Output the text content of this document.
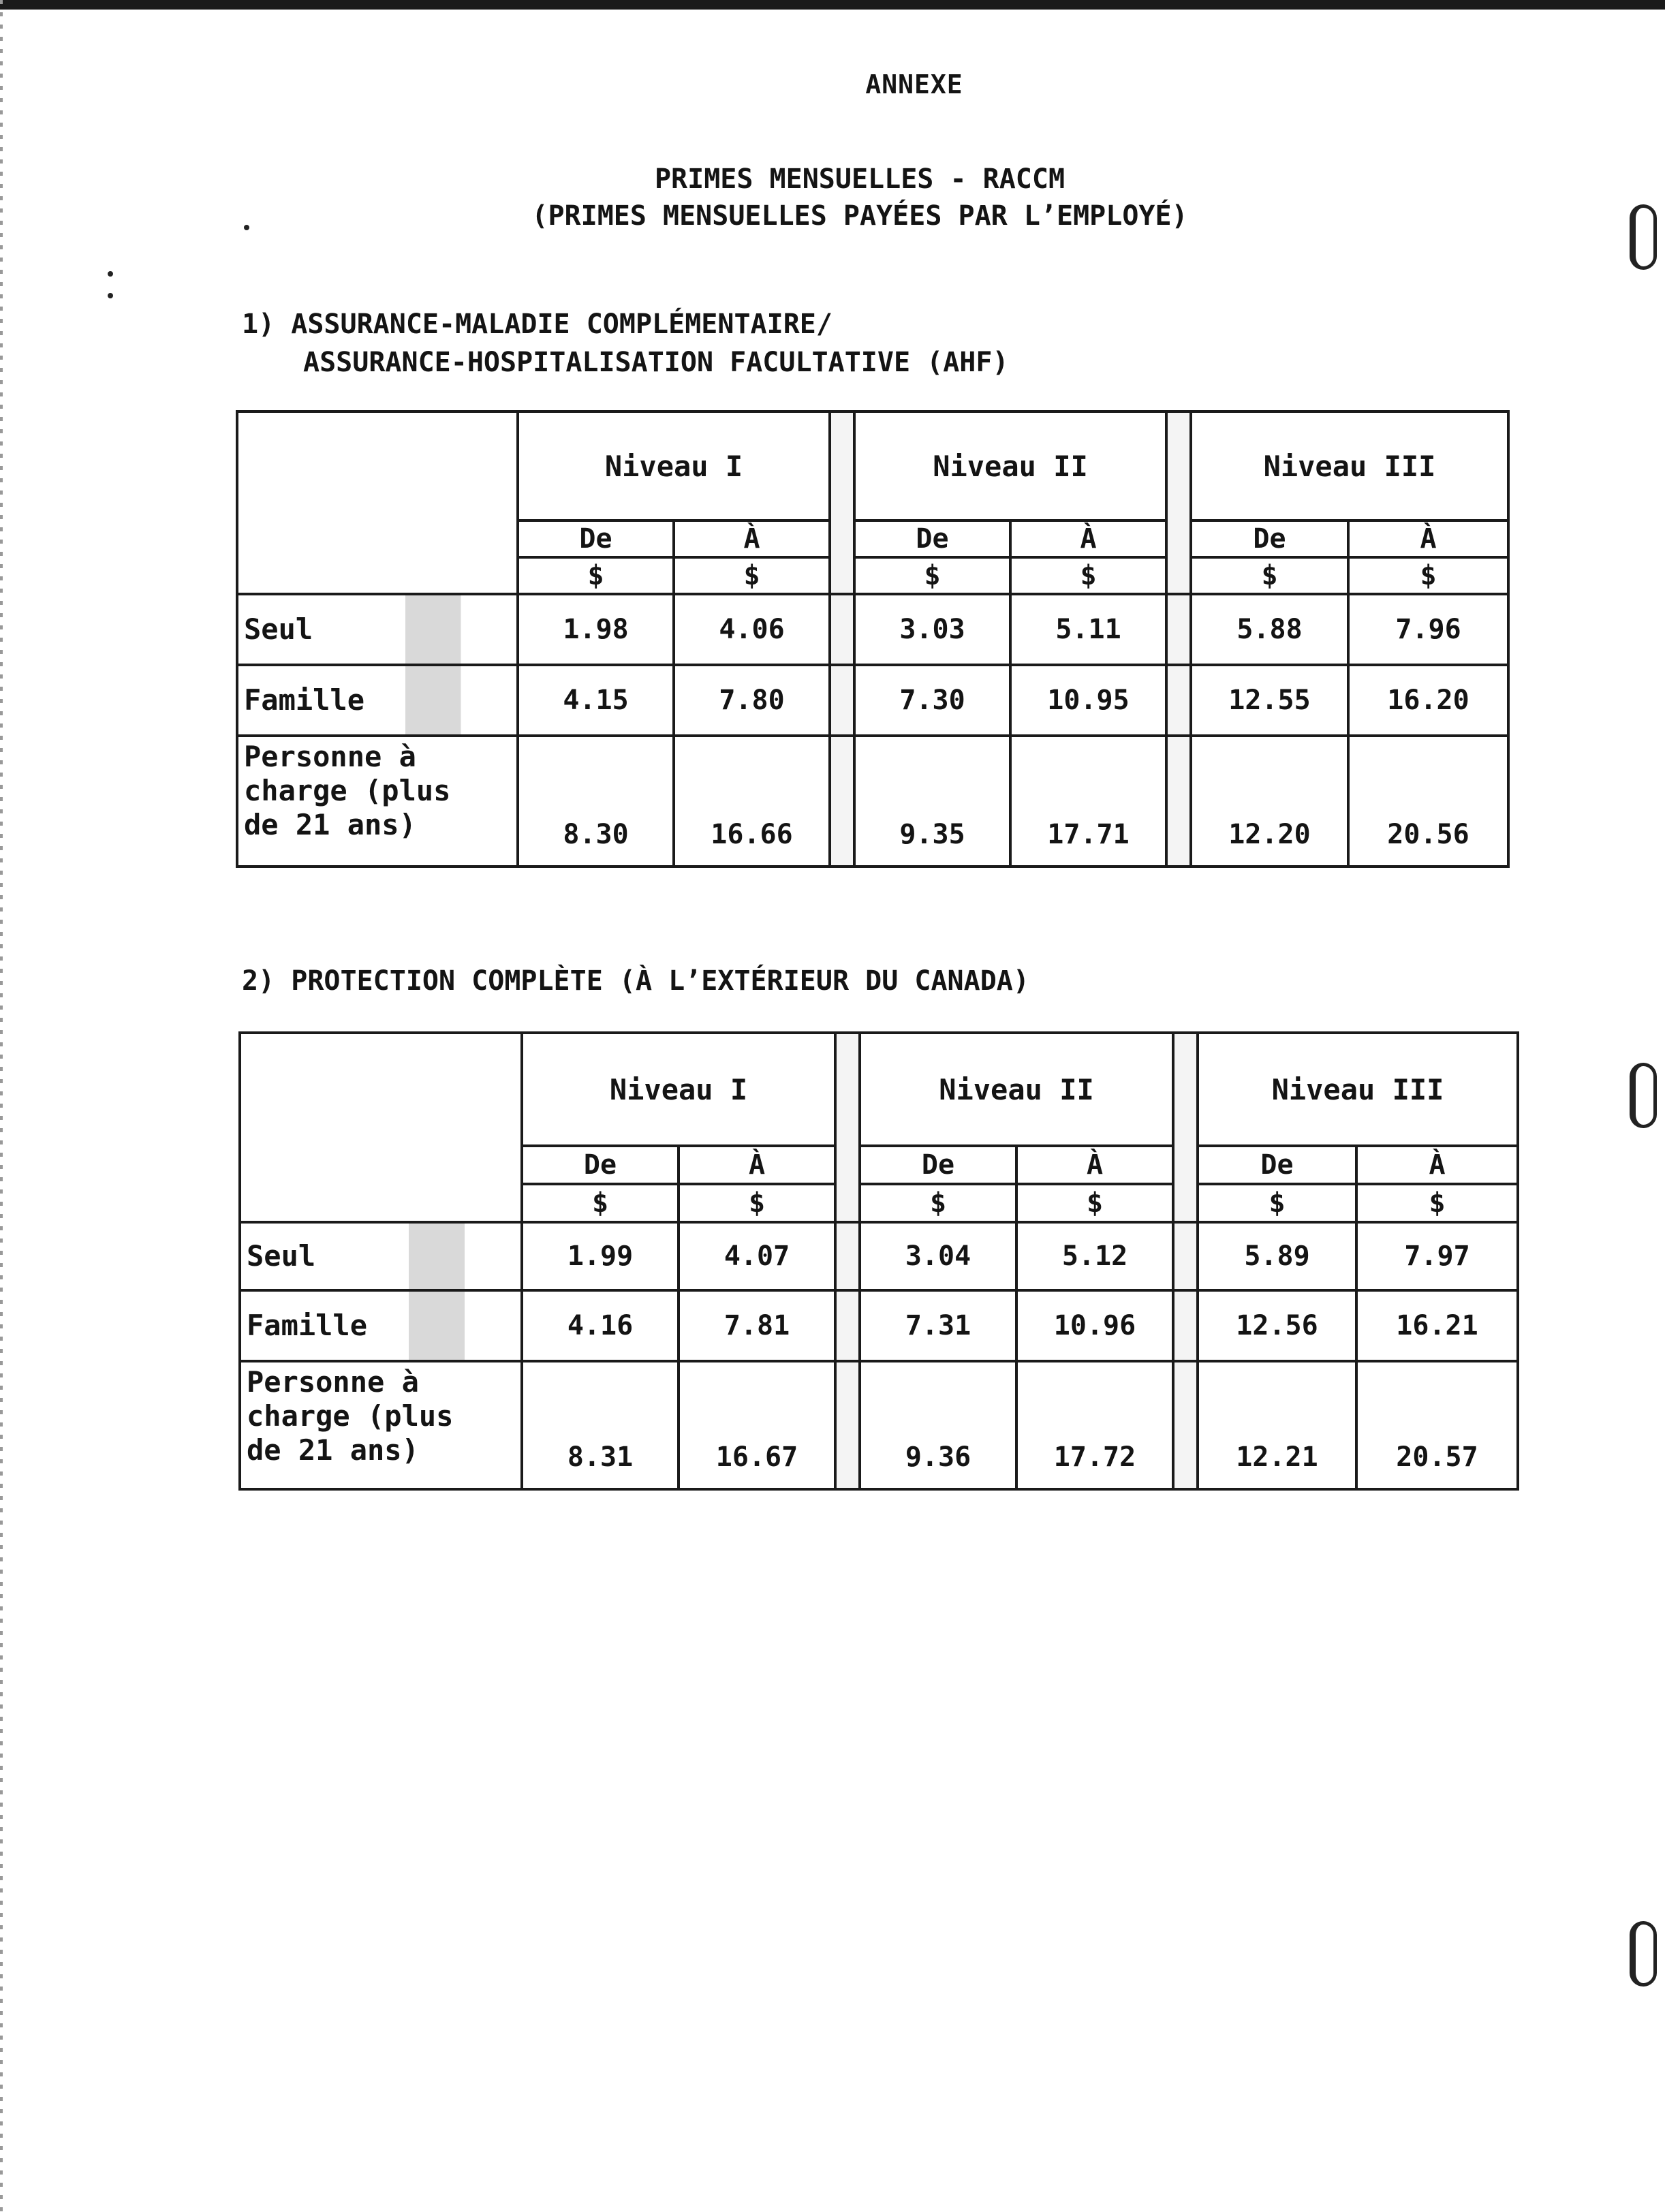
ANNEXE
PRIMES MENSUELLES - RACCM
(PRIMES MENSUELLES PAYÉES PAR L’EMPLOYÉ)
1) ASSURANCE-MALADIE COMPLÉMENTAIRE/
ASSURANCE-HOSPITALISATION FACULTATIVE (AHF)
Niveau I
De	À
$	$
Niveau II
De	À
$	$
Niveau III
De	À
$	$
Seul	1.98	4.06	3.03	5.11	5.88	7.96
Famille	4.15	7.80	7.30	10.95	12.55	16.20
Personne à
charge (plus
de 21 ans)	8.30	16.66	9.35	17.71	12.20	20.56
2) PROTECTION COMPLÈTE (À L’EXTÉRIEUR DU CANADA)
Niveau I
De	À
$	$
Niveau II
De	À
$	$
Niveau III
De	À
$	$
Seul	1.99	4.07	3.04	5.12	5.89	7.97
Famille	4.16	7.81	7.31	10.96	12.56	16.21
Personne à
charge (plus
de 21 ans)	8.31	16.67	9.36	17.72	12.21	20.57
